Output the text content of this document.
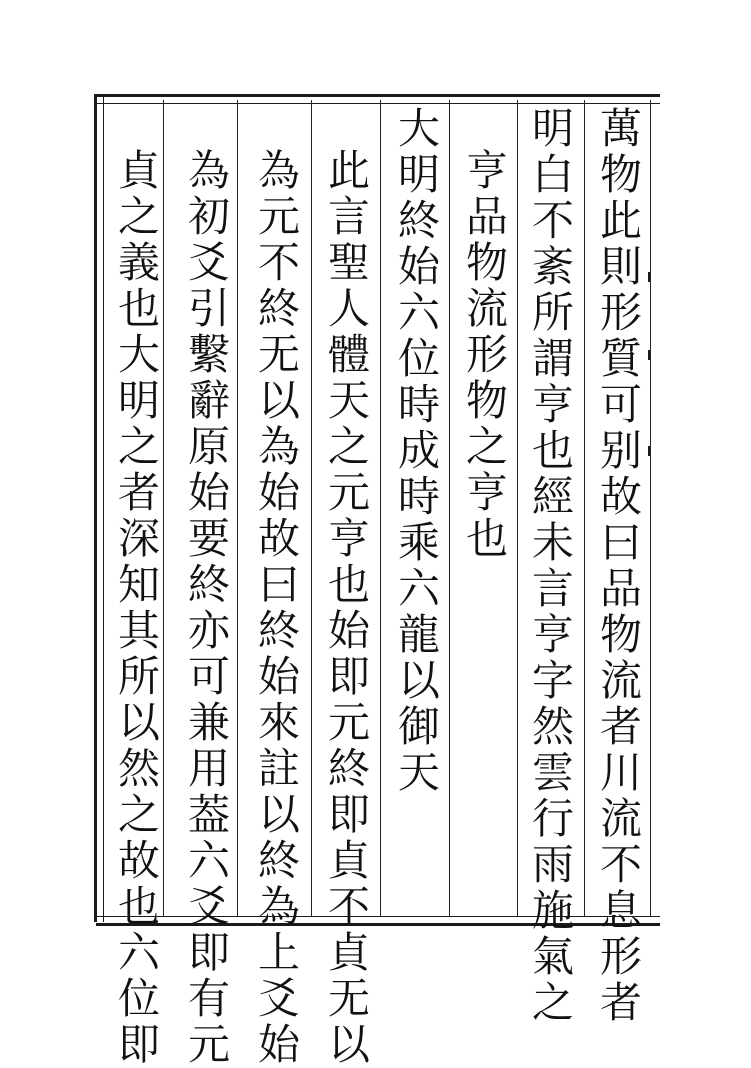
萬物此則形質可别故曰品物流者川流不息形者
明白不紊所謂亨也經未言亨字然雲行雨施氣之
亨品物流形物之亨也
大明終始六位時成時乘六龍以御天
此言聖人體天之元亨也始即元終即貞不貞无以
為元不終无以為始故曰終始來註以終為上爻始
為初爻引繫辭原始要終亦可兼用葢六爻即有元
貞之義也大明之者深知其所以然之故也六位即
